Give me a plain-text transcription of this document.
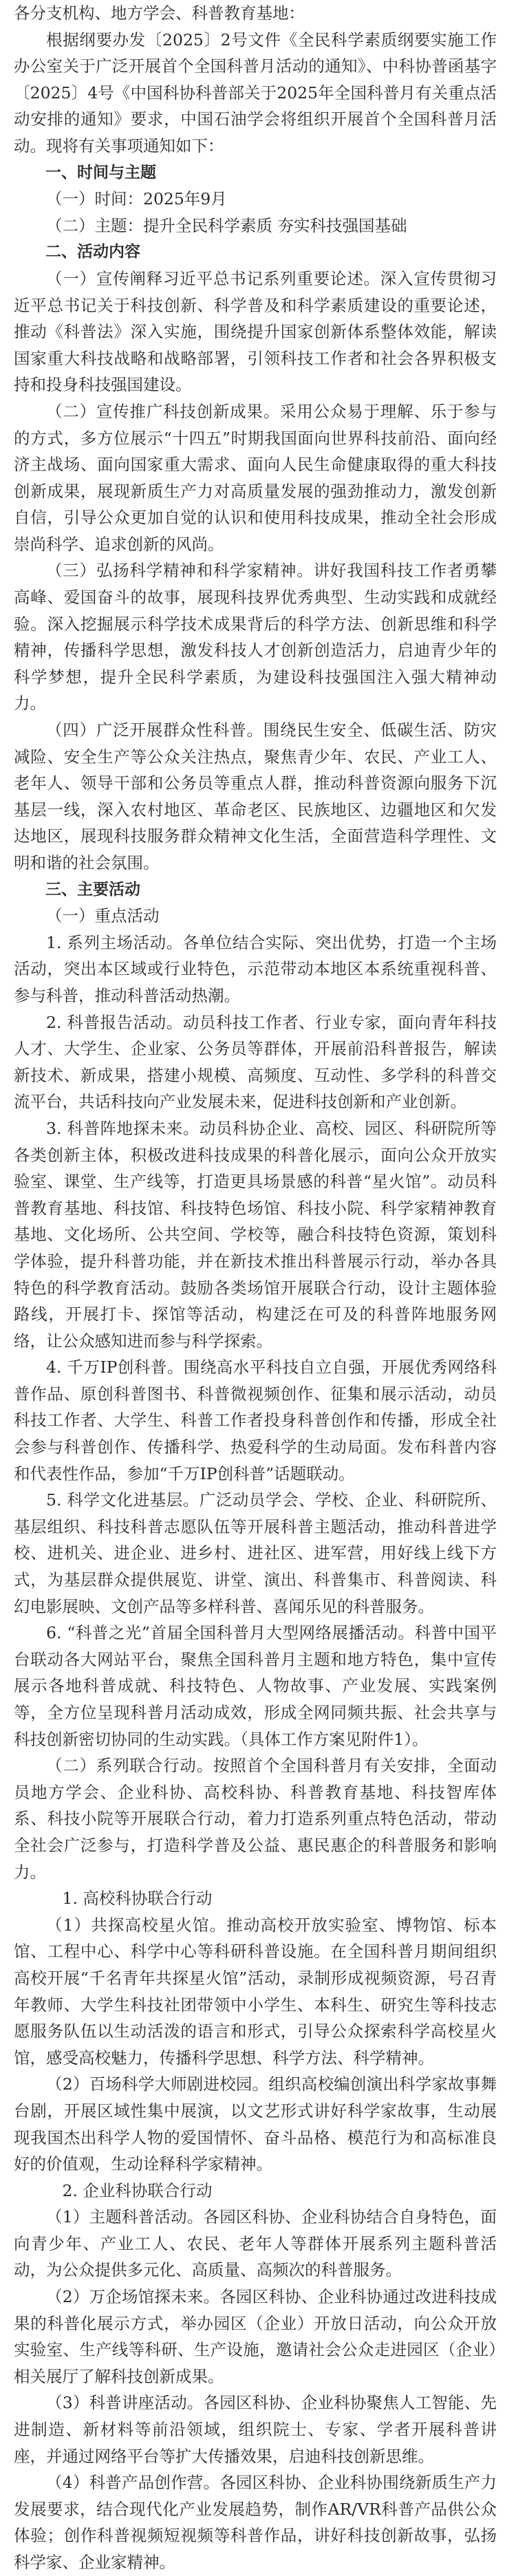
各分支机构、地方学会、科普教育基地：

根据纲要办发〔2025〕2号文件《全民科学素质纲要实施工作办公室关于广泛开展首个全国科普月活动的通知》、中科协普函基字〔2025〕4号《中国科协科普部关于2025年全国科普月有关重点活动安排的通知》要求，中国石油学会将组织开展首个全国科普月活动。现将有关事项通知如下：

一、时间与主题

（一）时间：2025年9月

（二）主题：提升全民科学素质 夯实科技强国基础

二、活动内容

（一）宣传阐释习近平总书记系列重要论述。深入宣传贯彻习近平总书记关于科技创新、科学普及和科学素质建设的重要论述，推动《科普法》深入实施，围绕提升国家创新体系整体效能，解读国家重大科技战略和战略部署，引领科技工作者和社会各界积极支持和投身科技强国建设。

（二）宣传推广科技创新成果。采用公众易于理解、乐于参与的方式，多方位展示“十四五”时期我国面向世界科技前沿、面向经济主战场、面向国家重大需求、面向人民生命健康取得的重大科技创新成果，展现新质生产力对高质量发展的强劲推动力，激发创新自信，引导公众更加自觉的认识和使用科技成果，推动全社会形成崇尚科学、追求创新的风尚。

（三）弘扬科学精神和科学家精神。讲好我国科技工作者勇攀高峰、爱国奋斗的故事，展现科技界优秀典型、生动实践和成就经验。深入挖掘展示科学技术成果背后的科学方法、创新思维和科学精神，传播科学思想，激发科技人才创新创造活力，启迪青少年的科学梦想，提升全民科学素质，为建设科技强国注入强大精神动力。

（四）广泛开展群众性科普。围绕民生安全、低碳生活、防灾减险、安全生产等公众关注热点，聚焦青少年、农民、产业工人、老年人、领导干部和公务员等重点人群，推动科普资源向服务下沉基层一线，深入农村地区、革命老区、民族地区、边疆地区和欠发达地区，展现科技服务群众精神文化生活，全面营造科学理性、文明和谐的社会氛围。

三、主要活动

（一）重点活动

1. 系列主场活动。各单位结合实际、突出优势，打造一个主场活动，突出本区域或行业特色，示范带动本地区本系统重视科普、参与科普，推动科普活动热潮。

2. 科普报告活动。动员科技工作者、行业专家，面向青年科技人才、大学生、企业家、公务员等群体，开展前沿科普报告，解读新技术、新成果，搭建小规模、高频度、互动性、多学科的科普交流平台，共话科技向产业发展未来，促进科技创新和产业创新。

3. 科普阵地探未来。动员科协企业、高校、园区、科研院所等各类创新主体，积极改进科技成果的科普化展示，面向公众开放实验室、课堂、生产线等，打造更具场景感的科普“星火馆”。动员科普教育基地、科技馆、科技特色场馆、科技小院、科学家精神教育基地、文化场所、公共空间、学校等，融合科技特色资源，策划科学体验，提升科普功能，并在新技术推出科普展示行动，举办各具特色的科学教育活动。鼓励各类场馆开展联合行动，设计主题体验路线，开展打卡、探馆等活动，构建泛在可及的科普阵地服务网络，让公众感知进而参与科学探索。

4. 千万IP创科普。围绕高水平科技自立自强，开展优秀网络科普作品、原创科普图书、科普微视频创作、征集和展示活动，动员科技工作者、大学生、科普工作者投身科普创作和传播，形成全社会参与科普创作、传播科学、热爱科学的生动局面。发布科普内容和代表性作品，参加“千万IP创科普”话题联动。

5. 科学文化进基层。广泛动员学会、学校、企业、科研院所、基层组织、科技科普志愿队伍等开展科普主题活动，推动科普进学校、进机关、进企业、进乡村、进社区、进军营，用好线上线下方式，为基层群众提供展览、讲堂、演出、科普集市、科普阅读、科幻电影展映、文创产品等多样科普、喜闻乐见的科普服务。

6. “科普之光”首届全国科普月大型网络展播活动。科普中国平台联动各大网站平台，聚焦全国科普月主题和地方特色，集中宣传展示各地科普成就、科技特色、人物故事、产业发展、实践案例等，全方位呈现科普月活动成效，形成全网同频共振、社会共享与科技创新密切协同的生动实践。（具体工作方案见附件1）。

（二）系列联合行动。按照首个全国科普月有关安排，全面动员地方学会、企业科协、高校科协、科普教育基地、科技智库体系、科技小院等开展联合行动，着力打造系列重点特色活动，带动全社会广泛参与，打造科学普及公益、惠民惠企的科普服务和影响力。

1. 高校科协联合行动

（1）共探高校星火馆。推动高校开放实验室、博物馆、标本馆、工程中心、科学中心等科研科普设施。在全国科普月期间组织高校开展“千名青年共探星火馆”活动，录制形成视频资源，号召青年教师、大学生科技社团带领中小学生、本科生、研究生等科技志愿服务队伍以生动活泼的语言和形式，引导公众探索科学高校星火馆，感受高校魅力，传播科学思想、科学方法、科学精神。

（2）百场科学大师剧进校园。组织高校编创演出科学家故事舞台剧，开展区域性集中展演，以文艺形式讲好科学家故事，生动展现我国杰出科学人物的爱国情怀、奋斗品格、模范行为和高标准良好的价值观，生动诠释科学家精神。

2. 企业科协联合行动

（1）主题科普活动。各园区科协、企业科协结合自身特色，面向青少年、产业工人、农民、老年人等群体开展系列主题科普活动，为公众提供多元化、高质量、高频次的科普服务。

（2）万企场馆探未来。各园区科协、企业科协通过改进科技成果的科普化展示方式，举办园区（企业）开放日活动，向公众开放实验室、生产线等科研、生产设施，邀请社会公众走进园区（企业）相关展厅了解科技创新成果。

（3）科普讲座活动。各园区科协、企业科协聚焦人工智能、先进制造、新材料等前沿领域，组织院士、专家、学者开展科普讲座，并通过网络平台等扩大传播效果，启迪科技创新思维。

（4）科普产品创作营。各园区科协、企业科协围绕新质生产力发展要求，结合现代化产业发展趋势，制作AR/VR科普产品供公众体验；创作科普视频短视频等科普作品，讲好科技创新故事，弘扬科学家、企业家精神。
